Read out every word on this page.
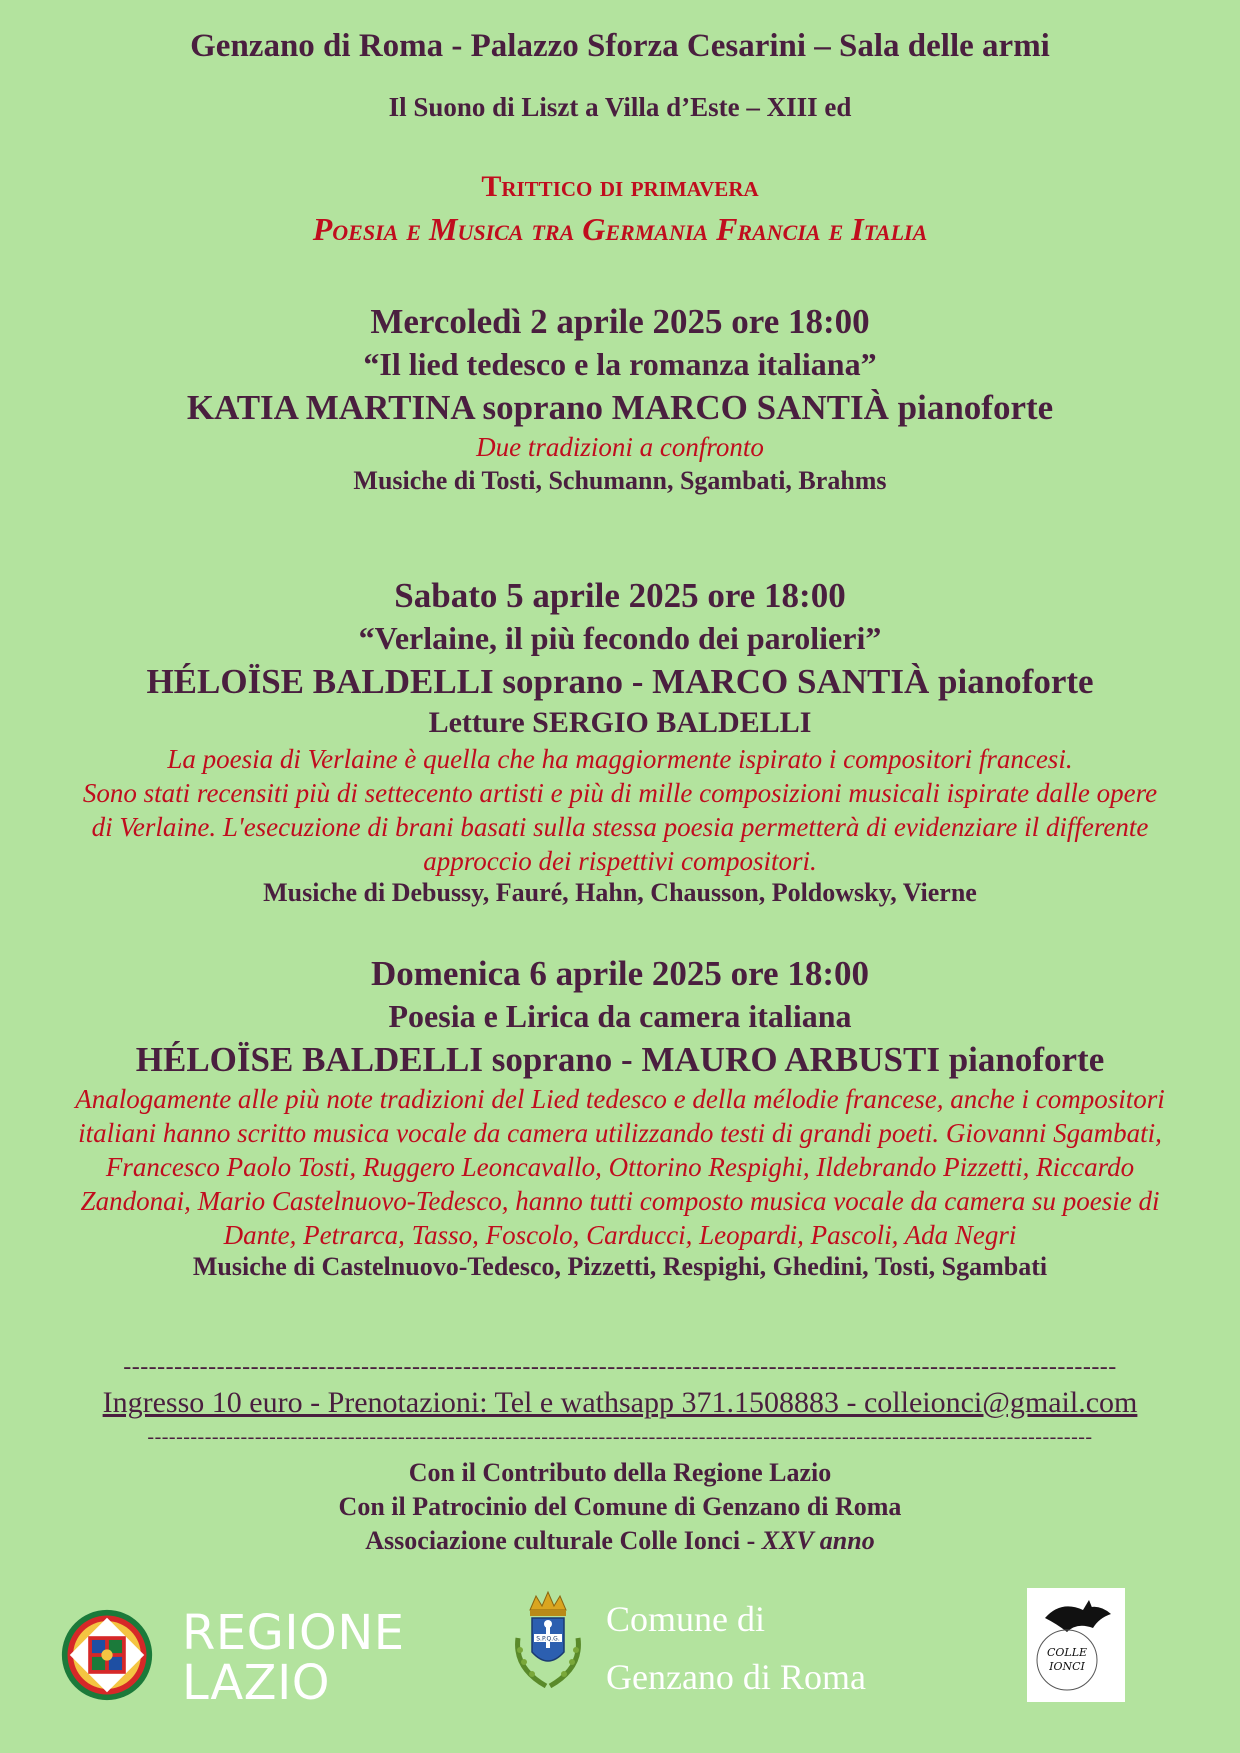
Genzano di Roma - Palazzo Sforza Cesarini – Sala delle armi
Il Suono di Liszt a Villa d’Este – XIII ed
Trittico di primavera
Poesia e Musica tra Germania Francia e Italia
Mercoledì 2 aprile 2025 ore 18:00
“Il lied tedesco e la romanza italiana”
KATIA MARTINA soprano MARCO SANTIÀ pianoforte
Due tradizioni a confronto
Musiche di Tosti, Schumann, Sgambati, Brahms
Sabato 5 aprile 2025 ore 18:00
“Verlaine, il più fecondo dei parolieri”
HÉLOÏSE BALDELLI soprano - MARCO SANTIÀ pianoforte
Letture SERGIO BALDELLI
La poesia di Verlaine è quella che ha maggiormente ispirato i compositori francesi.
Sono stati recensiti più di settecento artisti e più di mille composizioni musicali ispirate dalle opere
di Verlaine. L'esecuzione di brani basati sulla stessa poesia permetterà di evidenziare il differente
approccio dei rispettivi compositori.
Musiche di Debussy, Fauré, Hahn, Chausson, Poldowsky, Vierne
Domenica 6 aprile 2025 ore 18:00
Poesia e Lirica da camera italiana
HÉLOÏSE BALDELLI soprano - MAURO ARBUSTI pianoforte
Analogamente alle più note tradizioni del Lied tedesco e della mélodie francese, anche i compositori
italiani hanno scritto musica vocale da camera utilizzando testi di grandi poeti. Giovanni Sgambati,
Francesco Paolo Tosti, Ruggero Leoncavallo, Ottorino Respighi, Ildebrando Pizzetti, Riccardo
Zandonai, Mario Castelnuovo-Tedesco, hanno tutti composto musica vocale da camera su poesie di
Dante, Petrarca, Tasso, Foscolo, Carducci, Leopardi, Pascoli, Ada Negri
Musiche di Castelnuovo-Tedesco, Pizzetti, Respighi, Ghedini, Tosti, Sgambati
---------------------------------------------------------------------------------------------------------------------
Ingresso 10 euro - Prenotazioni: Tel e wathsapp 371.1508883 - colleionci@gmail.com
------------------------------------------------------------------------------------------------------------------------------------
Con il Contributo della Regione Lazio
Con il Patrocinio del Comune di Genzano di Roma
Associazione culturale Colle Ionci - XXV anno
REGIONE
LAZIO
S.P.Q.G. Comune di
Genzano di Roma
COLLE
IONCI
